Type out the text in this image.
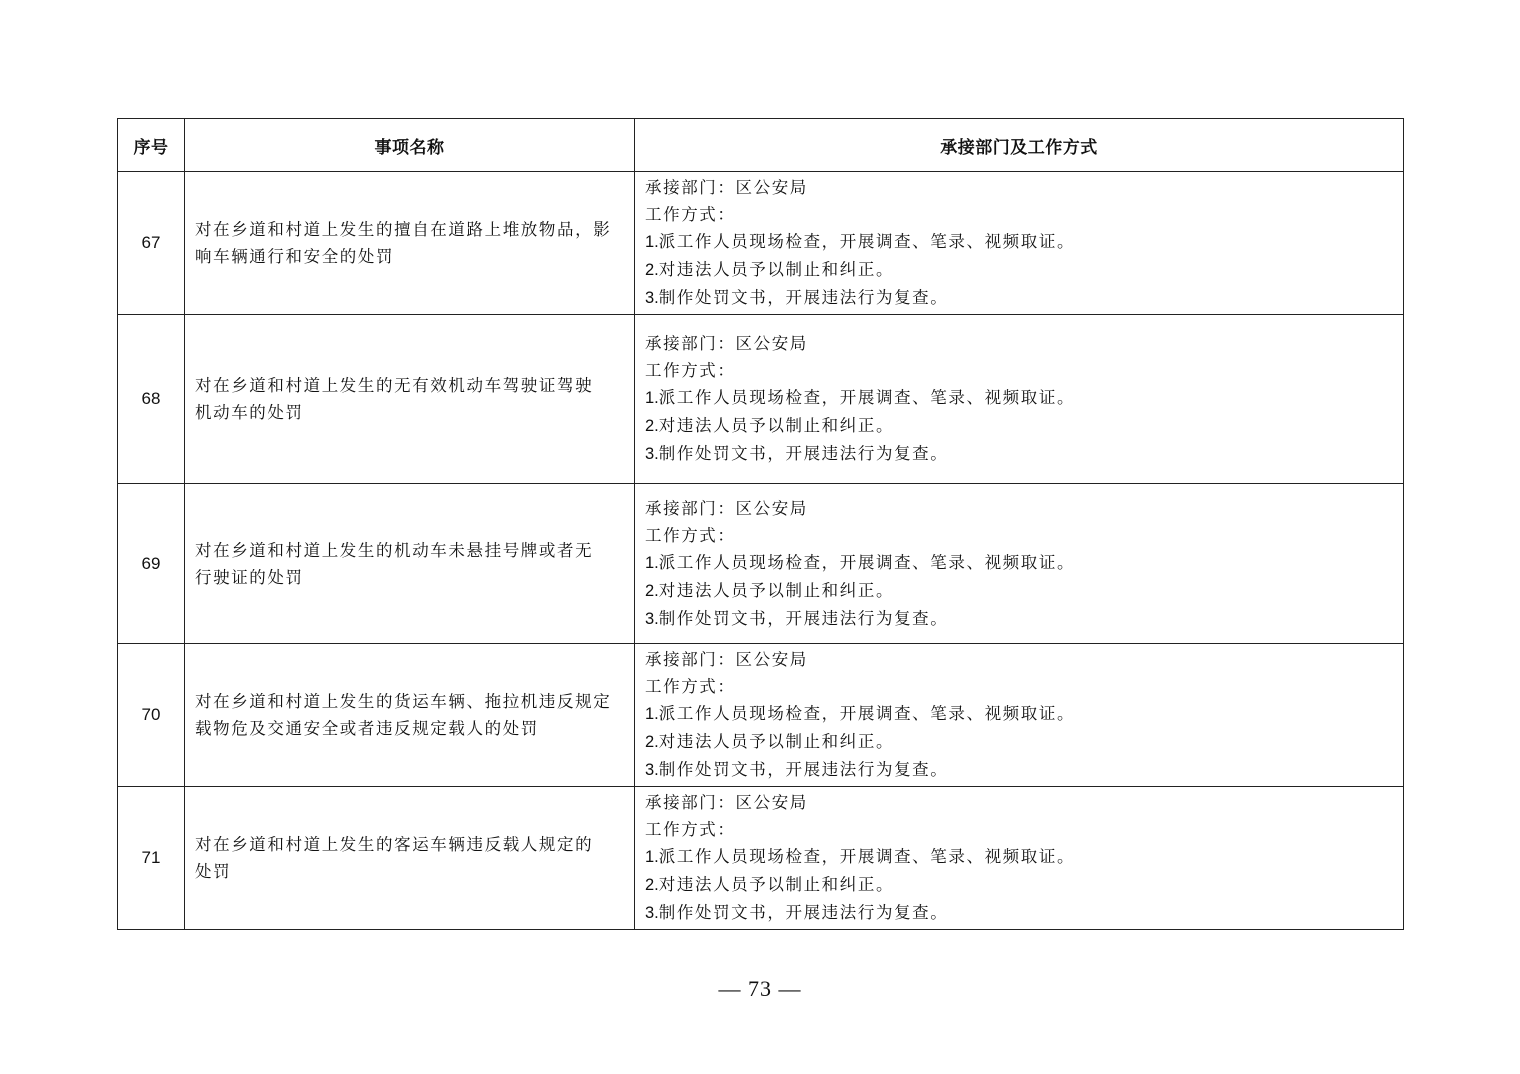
序号	事项名称	承接部门及工作方式
67	对在乡道和村道上发生的擅自在道路上堆放物品，影
响车辆通行和安全的处罚	承接部门：区公安局
工作方式：
1.派工作人员现场检查，开展调查、笔录、视频取证。
2.对违法人员予以制止和纠正。
3.制作处罚文书，开展违法行为复查。

68	对在乡道和村道上发生的无有效机动车驾驶证驾驶
机动车的处罚	承接部门：区公安局
工作方式：
1.派工作人员现场检查，开展调查、笔录、视频取证。
2.对违法人员予以制止和纠正。
3.制作处罚文书，开展违法行为复查。

69	对在乡道和村道上发生的机动车未悬挂号牌或者无
行驶证的处罚	承接部门：区公安局
工作方式：
1.派工作人员现场检查，开展调查、笔录、视频取证。
2.对违法人员予以制止和纠正。
3.制作处罚文书，开展违法行为复查。

70	对在乡道和村道上发生的货运车辆、拖拉机违反规定
载物危及交通安全或者违反规定载人的处罚	承接部门：区公安局
工作方式：
1.派工作人员现场检查，开展调查、笔录、视频取证。
2.对违法人员予以制止和纠正。
3.制作处罚文书，开展违法行为复查。

71	对在乡道和村道上发生的客运车辆违反载人规定的
处罚	承接部门：区公安局
工作方式：
1.派工作人员现场检查，开展调查、笔录、视频取证。
2.对违法人员予以制止和纠正。
3.制作处罚文书，开展违法行为复查。
— 73 —
